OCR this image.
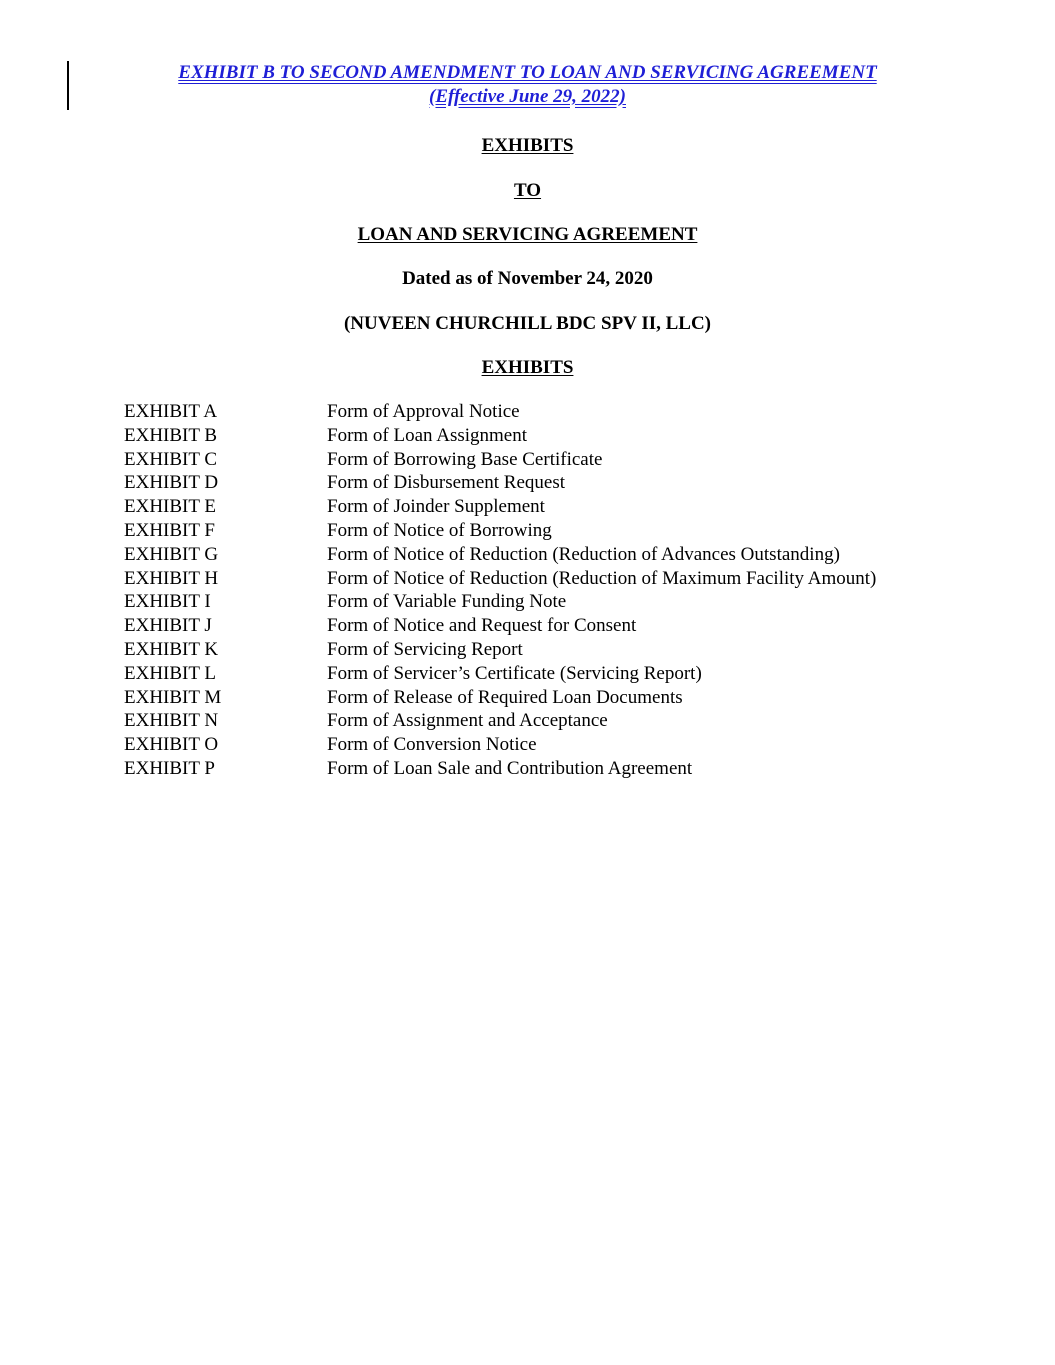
EXHIBIT B TO SECOND AMENDMENT TO LOAN AND SERVICING AGREEMENT
(Effective June 29, 2022)
EXHIBITS
TO
LOAN AND SERVICING AGREEMENT
Dated as of November 24, 2020
(NUVEEN CHURCHILL BDC SPV II, LLC)
EXHIBITS
EXHIBIT A	Form of Approval Notice
EXHIBIT B	Form of Loan Assignment
EXHIBIT C	Form of Borrowing Base Certificate
EXHIBIT D	Form of Disbursement Request
EXHIBIT E	Form of Joinder Supplement
EXHIBIT F	Form of Notice of Borrowing
EXHIBIT G	Form of Notice of Reduction (Reduction of Advances Outstanding)
EXHIBIT H	Form of Notice of Reduction (Reduction of Maximum Facility Amount)
EXHIBIT I	Form of Variable Funding Note
EXHIBIT J	Form of Notice and Request for Consent
EXHIBIT K	Form of Servicing Report
EXHIBIT L	Form of Servicer’s Certificate (Servicing Report)
EXHIBIT M	Form of Release of Required Loan Documents
EXHIBIT N	Form of Assignment and Acceptance
EXHIBIT O	Form of Conversion Notice
EXHIBIT P	Form of Loan Sale and Contribution Agreement
